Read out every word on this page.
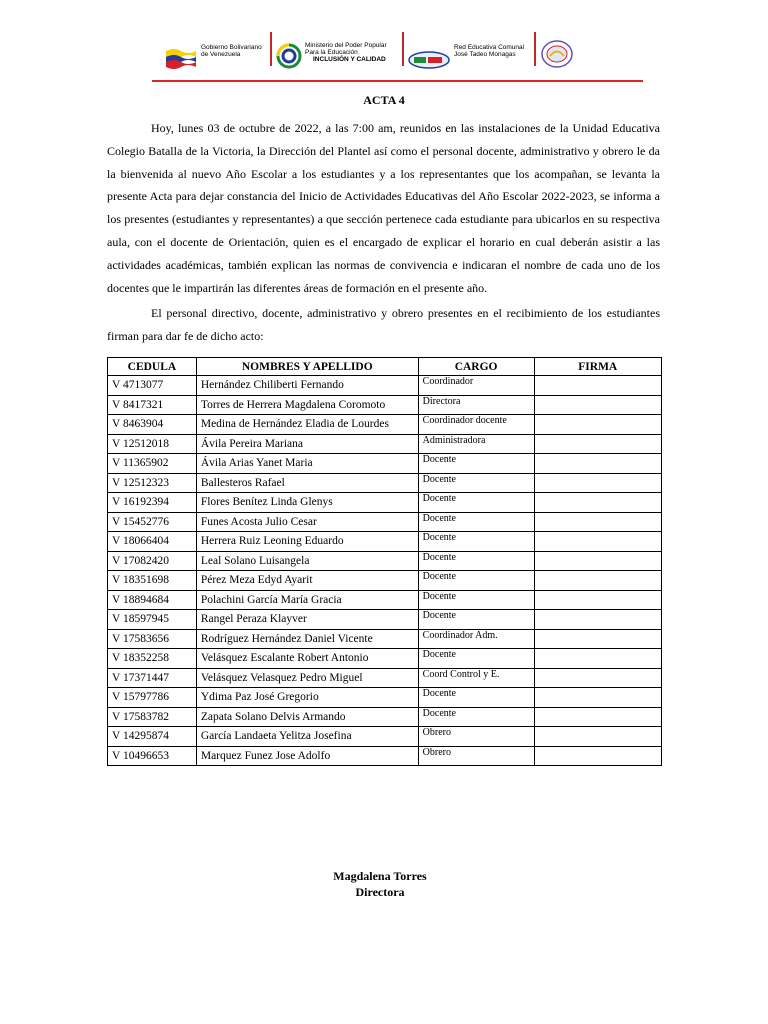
Gobierno Bolivariano
de Venezuela
Ministerio del Poder Popular
Para la Educación
INCLUSIÓN Y CALIDAD
Red Educativa Comunal
José Tadeo Monagas
ACTA 4

Hoy, lunes 03 de octubre de 2022, a las 7:00 am, reunidos en las instalaciones de la Unidad Educativa Colegio Batalla de la Victoria, la Dirección del Plantel así como el personal docente, administrativo y obrero le da la bienvenida al nuevo Año Escolar a los estudiantes y a los representantes que los acompañan, se levanta la presente Acta para dejar constancia del Inicio de Actividades Educativas del Año Escolar 2022-2023, se informa a los presentes (estudiantes y representantes) a que sección pertenece cada estudiante para ubicarlos en su respectiva aula, con el docente de Orientación, quien es el encargado de explicar el horario en cual deberán asistir a las actividades académicas, también explican las normas de convivencia e indicaran el nombre de cada uno de los docentes que le impartirán las diferentes áreas de formación en el presente año.

El personal directivo, docente, administrativo y obrero presentes en el recibimiento de los estudiantes firman para dar fe de dicho acto:

CEDULA	NOMBRES Y APELLIDO	CARGO	FIRMA
V 4713077	Hernández Chiliberti Fernando	Coordinador	
V 8417321	Torres de Herrera Magdalena Coromoto	Directora	
V 8463904	Medina de Hernández Eladia de Lourdes	Coordinador docente	
V 12512018	Ávila Pereira Mariana	Administradora	
V 11365902	Ávila Arias Yanet Maria	Docente	
V 12512323	Ballesteros Rafael	Docente	
V 16192394	Flores Benítez Linda Glenys	Docente	
V 15452776	Funes Acosta Julio Cesar	Docente	
V 18066404	Herrera Ruiz Leoning Eduardo	Docente	
V 17082420	Leal Solano Luisangela	Docente	
V 18351698	Pérez Meza Edyd Ayarit	Docente	
V 18894684	Polachini García María Gracia	Docente	
V 18597945	Rangel Peraza Klayver	Docente	
V 17583656	Rodríguez Hernández Daniel Vicente	Coordinador Adm.	
V 18352258	Velásquez Escalante Robert Antonio	Docente	
V 17371447	Velásquez Velasquez Pedro Miguel	Coord Control y E.	
V 15797786	Ydima Paz José Gregorio	Docente	
V 17583782	Zapata Solano Delvis Armando	Docente	
V 14295874	García Landaeta Yelitza Josefina	Obrero	
V 10496653	Marquez Funez Jose Adolfo	Obrero	
Magdalena Torres
Directora
